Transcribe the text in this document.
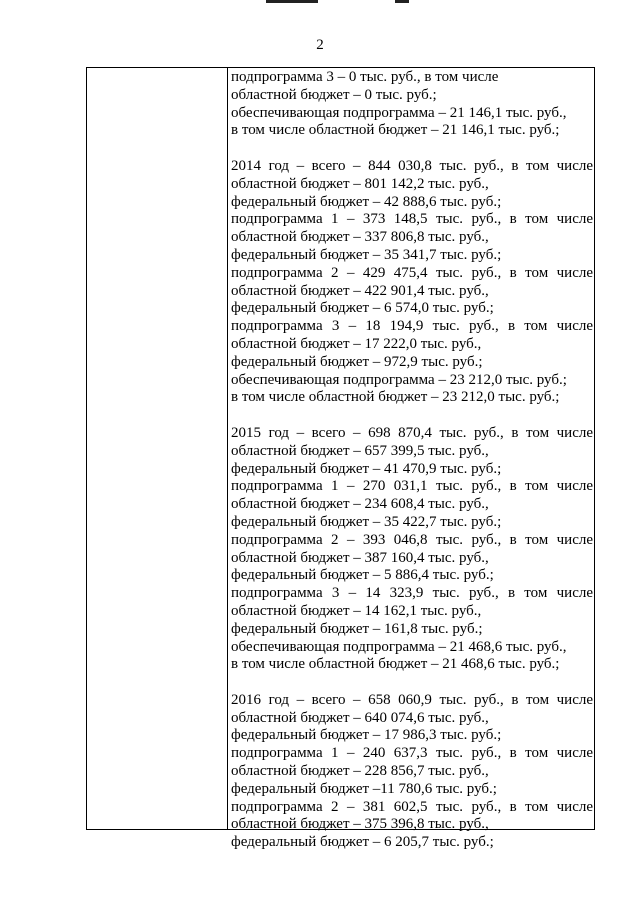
2
подпрограмма 3 – 0 тыс. руб., в том числе
областной бюджет – 0 тыс. руб.;
обеспечивающая подпрограмма – 21 146,1 тыс. руб.,
в том числе областной бюджет – 21 146,1 тыс. руб.;
2014 год – всего – 844 030,8 тыс. руб., в том числе
областной бюджет – 801 142,2 тыс. руб.,
федеральный бюджет – 42 888,6 тыс. руб.;
подпрограмма 1 – 373 148,5 тыс. руб., в том числе
областной бюджет – 337 806,8 тыс. руб.,
федеральный бюджет – 35 341,7 тыс. руб.;
подпрограмма 2 – 429 475,4 тыс. руб., в том числе
областной бюджет – 422 901,4 тыс. руб.,
федеральный бюджет – 6 574,0 тыс. руб.;
подпрограмма 3 – 18 194,9 тыс. руб., в том числе
областной бюджет – 17 222,0 тыс. руб.,
федеральный бюджет – 972,9 тыс. руб.;
обеспечивающая подпрограмма – 23 212,0 тыс. руб.;
в том числе областной бюджет – 23 212,0 тыс. руб.;
2015 год – всего – 698 870,4 тыс. руб., в том числе
областной бюджет – 657 399,5 тыс. руб.,
федеральный бюджет – 41 470,9 тыс. руб.;
подпрограмма 1 – 270 031,1 тыс. руб., в том числе
областной бюджет – 234 608,4 тыс. руб.,
федеральный бюджет – 35 422,7 тыс. руб.;
подпрограмма 2 – 393 046,8 тыс. руб., в том числе
областной бюджет – 387 160,4 тыс. руб.,
федеральный бюджет – 5 886,4 тыс. руб.;
подпрограмма 3 – 14 323,9 тыс. руб., в том числе
областной бюджет – 14 162,1 тыс. руб.,
федеральный бюджет – 161,8 тыс. руб.;
обеспечивающая подпрограмма – 21 468,6 тыс. руб.,
в том числе областной бюджет – 21 468,6 тыс. руб.;
2016 год – всего – 658 060,9 тыс. руб., в том числе
областной бюджет – 640 074,6 тыс. руб.,
федеральный бюджет – 17 986,3 тыс. руб.;
подпрограмма 1 – 240 637,3 тыс. руб., в том числе
областной бюджет – 228 856,7 тыс. руб.,
федеральный бюджет –11 780,6 тыс. руб.;
подпрограмма 2 – 381 602,5 тыс. руб., в том числе
областной бюджет – 375 396,8 тыс. руб.,
федеральный бюджет – 6 205,7 тыс. руб.;
